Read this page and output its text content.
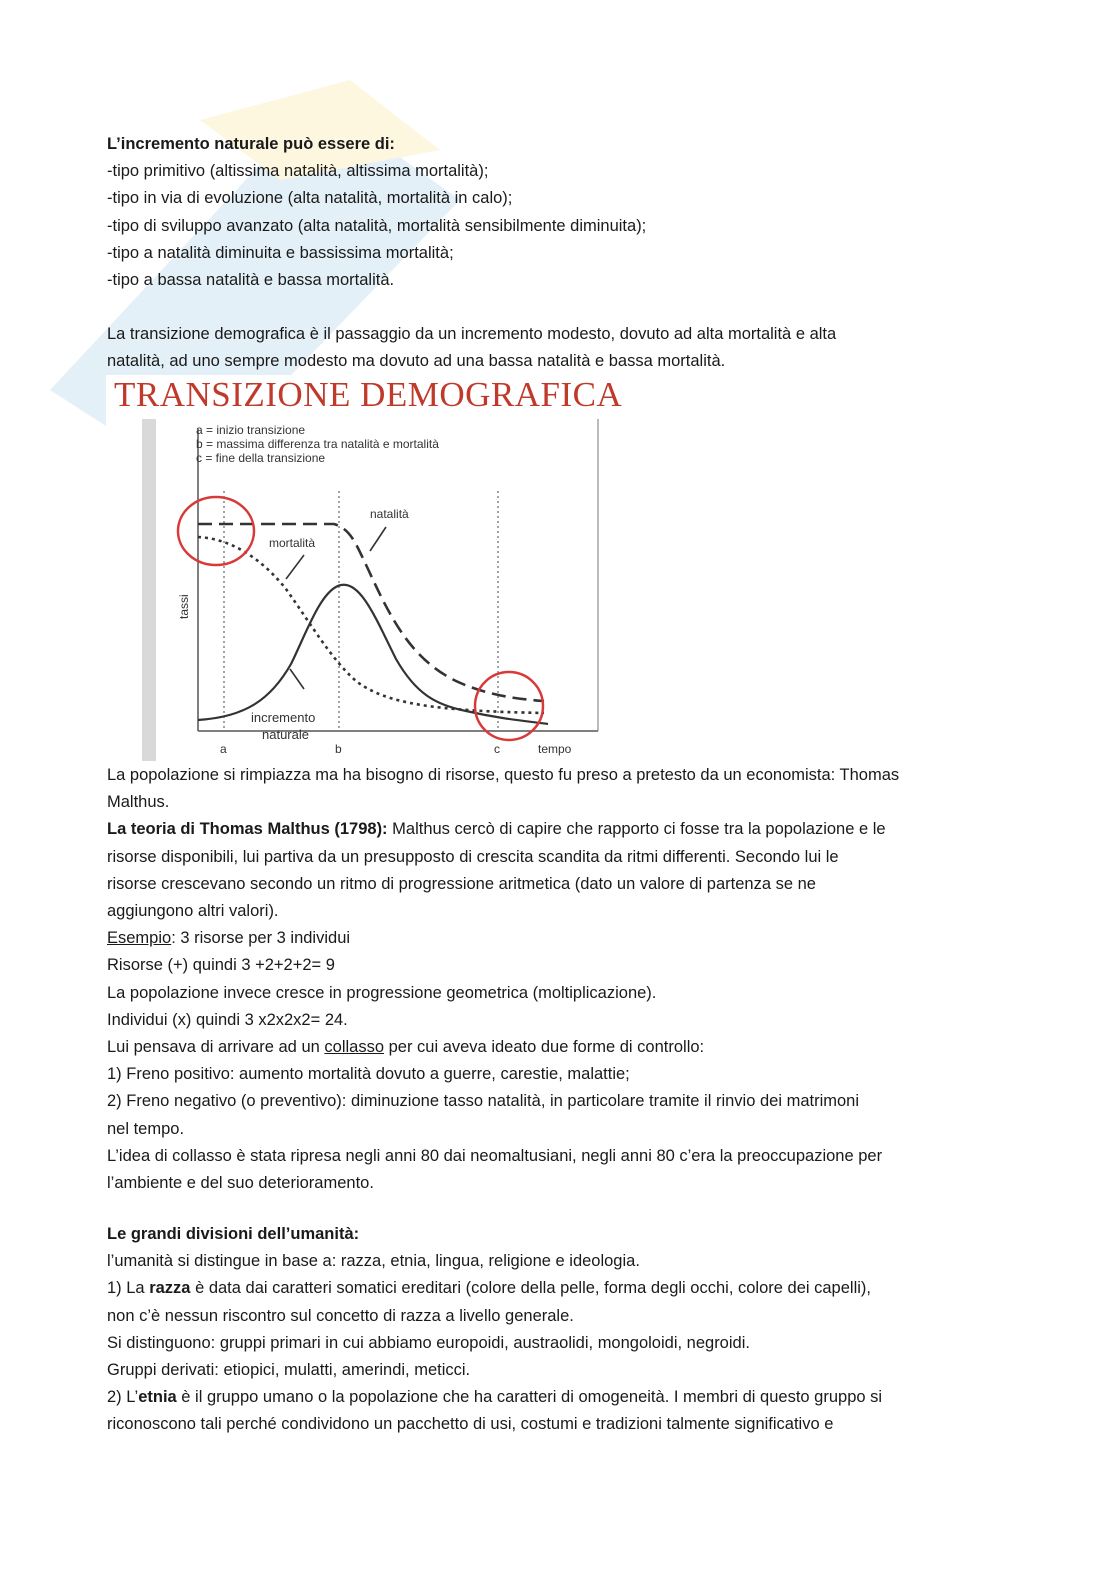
L’incremento naturale può essere di:

-tipo primitivo (altissima natalità, altissima mortalità);

-tipo in via di evoluzione (alta natalità, mortalità in calo);

-tipo di sviluppo avanzato (alta natalità, mortalità sensibilmente diminuita);

-tipo a natalità diminuita e bassissima mortalità;

-tipo a bassa natalità e bassa mortalità.

La transizione demografica è il passaggio da un incremento modesto, dovuto ad alta mortalità e alta

natalità, ad uno sempre modesto ma dovuto ad una bassa natalità e bassa mortalità.

TRANSIZIONE DEMOGRAFICA
a = inizio transizione
b = massima differenza tra natalità e mortalità
c = fine della transizione
natalità
mortalità
incremento
naturale
tassi
a	b	c	tempo

La popolazione si rimpiazza ma ha bisogno di risorse, questo fu preso a pretesto da un economista: Thomas

Malthus.

La teoria di Thomas Malthus (1798): Malthus cercò di capire che rapporto ci fosse tra la popolazione e le

risorse disponibili, lui partiva da un presupposto di crescita scandita da ritmi differenti. Secondo lui le

risorse crescevano secondo un ritmo di progressione aritmetica (dato un valore di partenza se ne

aggiungono altri valori).

Esempio: 3 risorse per 3 individui

Risorse (+) quindi 3 +2+2+2= 9

La popolazione invece cresce in progressione geometrica (moltiplicazione).

Individui (x) quindi 3 x2x2x2= 24.

Lui pensava di arrivare ad un collasso per cui aveva ideato due forme di controllo:

1) Freno positivo: aumento mortalità dovuto a guerre, carestie, malattie;

2) Freno negativo (o preventivo): diminuzione tasso natalità, in particolare tramite il rinvio dei matrimoni

nel tempo.

L’idea di collasso è stata ripresa negli anni 80 dai neomaltusiani, negli anni 80 c’era la preoccupazione per

l’ambiente e del suo deterioramento.

Le grandi divisioni dell’umanità:

l’umanità si distingue in base a: razza, etnia, lingua, religione e ideologia.

1) La razza è data dai caratteri somatici ereditari (colore della pelle, forma degli occhi, colore dei capelli),

non c’è nessun riscontro sul concetto di razza a livello generale.

Si distinguono: gruppi primari in cui abbiamo europoidi, austraolidi, mongoloidi, negroidi.

Gruppi derivati: etiopici, mulatti, amerindi, meticci.

2) L’etnia è il gruppo umano o la popolazione che ha caratteri di omogeneità. I membri di questo gruppo si

riconoscono tali perché condividono un pacchetto di usi, costumi e tradizioni talmente significativo e
